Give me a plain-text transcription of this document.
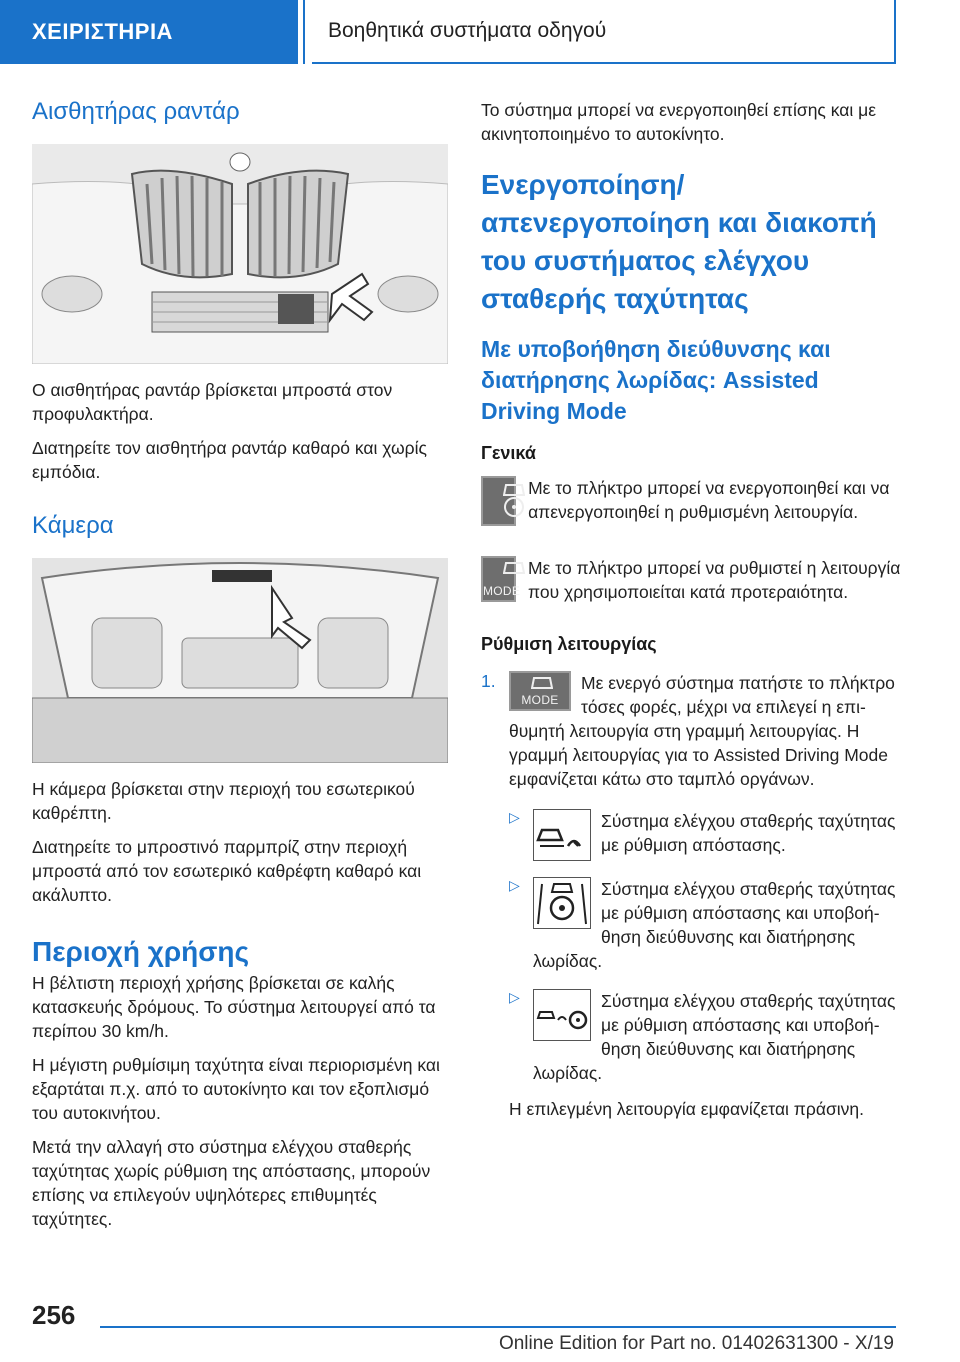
ΧΕΙΡΙΣΤΗΡΙΑ	Βοηθητικά συστήματα οδηγού
Αισθητήρας ραντάρ

Ο αισθητήρας ραντάρ βρίσκεται μπροστά στον προφυλακτήρα.

Διατηρείτε τον αισθητήρα ραντάρ καθαρό και χωρίς εμπόδια.

Κάμερα

Η κάμερα βρίσκεται στην περιοχή του εσωτερικού καθρέπτη.

Διατηρείτε το μπροστινό παρμπρίζ στην περιοχή μπροστά από τον εσωτερικό καθρέφτη καθαρό και ακάλυπτο.

Περιοχή χρήσης

Η βέλτιστη περιοχή χρήσης βρίσκεται σε καλής κατασκευής δρόμους. Το σύστημα λειτουργεί από τα περίπου 30 km/h.

Η μέγιστη ρυθμίσιμη ταχύτητα είναι περιορισμένη και εξαρτάται π.χ. από το αυτοκίνητο και τον εξοπλισμό του αυτοκινήτου.

Μετά την αλλαγή στο σύστημα ελέγχου σταθερής ταχύτητας χωρίς ρύθμιση της απόστασης, μπορούν επίσης να επιλεγούν υψηλότερες επιθυμητές ταχύτητες.

Το σύστημα μπορεί να ενεργοποιηθεί επίσης και με ακινητοποιημένο το αυτοκίνητο.

Ενεργοποίηση/απενεργοποίηση και διακοπή του συστήματος ελέγχου σταθερής ταχύτητας
Με υποβοήθηση διεύθυνσης και διατήρησης λωρίδας: Assisted Driving Mode
Γενικά
Με το πλήκτρο μπορεί να ενεργοποιηθεί και να απενεργοποιηθεί η ρυθμισμένη λειτουργία.
MODE
Με το πλήκτρο μπορεί να ρυθμιστεί η λειτουργία που χρησιμοποιείται κατά προτεραιότητα.
Ρύθμιση λειτουργίας
1.
MODE

Με ενεργό σύστημα πατήστε το πλήκτρο τόσες φορές, μέχρι να επιλεγεί η επιθυμητή λειτουργία στη γραμμή λειτουργίας. Η γραμμή λειτουργίας για το Assisted Driving Mode εμφανίζεται κάτω στο ταμπλό οργάνων.

▷	Σύστημα ελέγχου σταθερής ταχύτητας με ρύθμιση απόστασης.

▷	Σύστημα ελέγχου σταθερής ταχύτητας με ρύθμιση απόστασης και υποβοήθηση διεύθυνσης και διατήρησης λωρίδας.

▷	Σύστημα ελέγχου σταθερής ταχύτητας με ρύθμιση απόστασης και υποβοήθηση διεύθυνσης και διατήρησης λωρίδας.

Η επιλεγμένη λειτουργία εμφανίζεται πράσινη.

256
Online Edition for Part no. 01402631300 - X/19
